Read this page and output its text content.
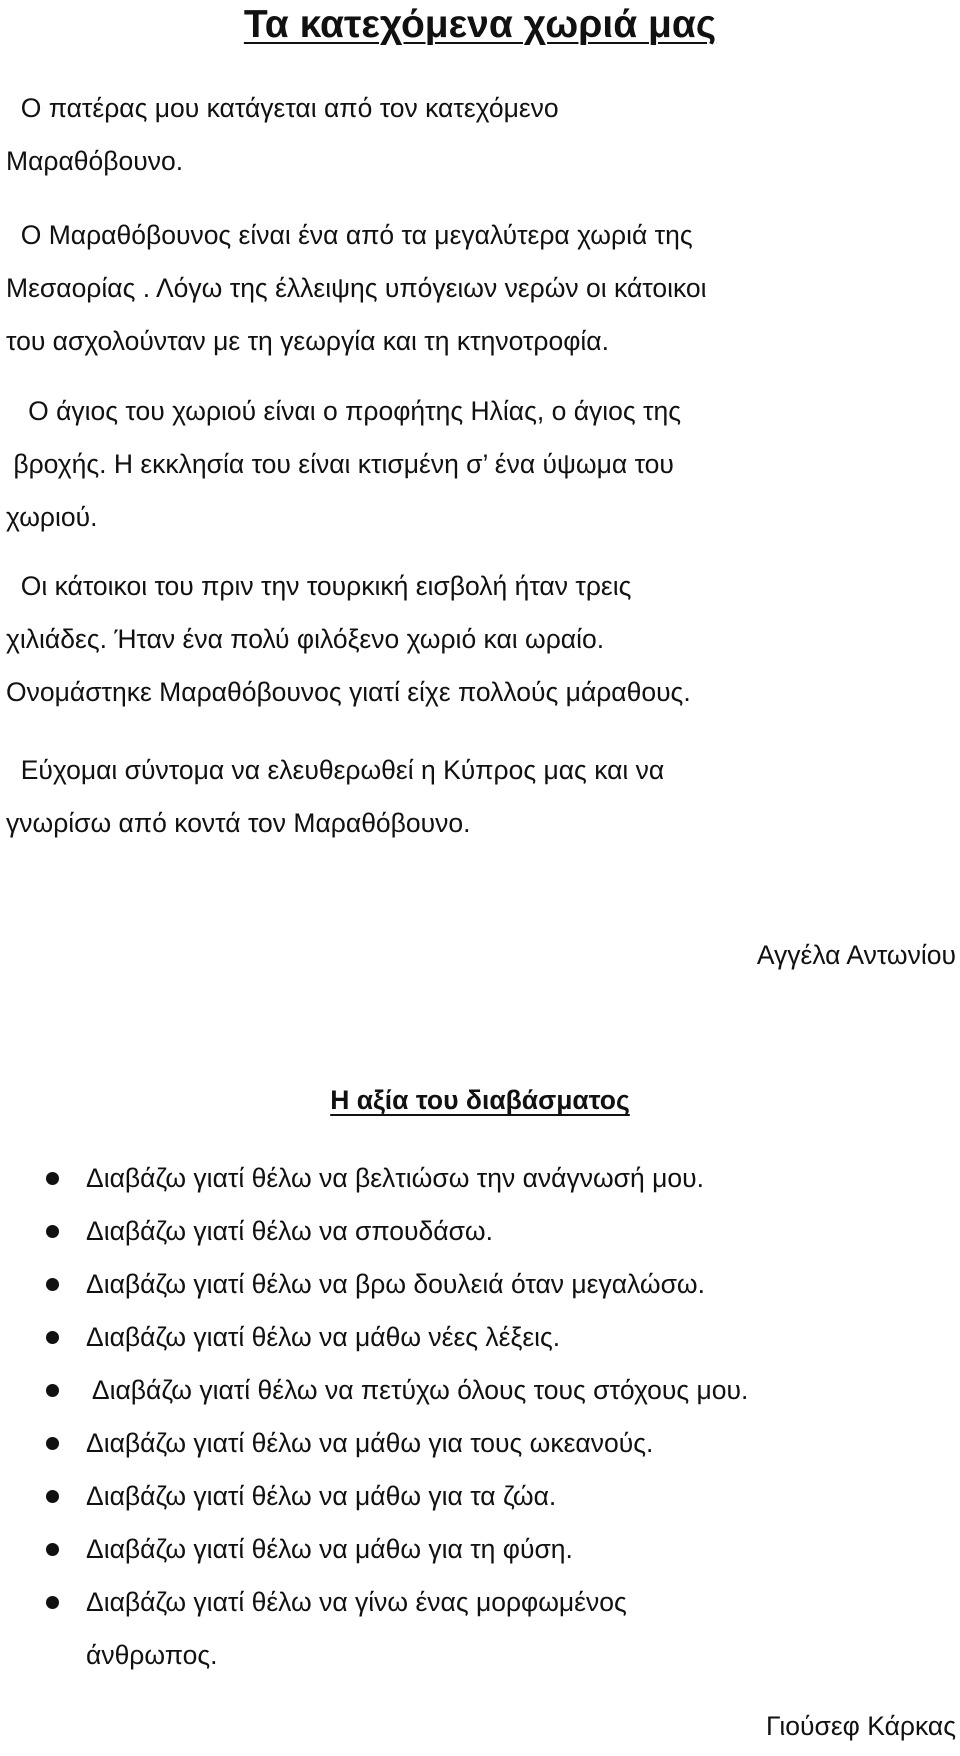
Τα κατεχόμενα χωριά μας

Ο πατέρας μου κατάγεται από τον κατεχόμενο
Μαραθόβουνο.

Ο Μαραθόβουνος είναι ένα από τα μεγαλύτερα χωριά της
Μεσαορίας . Λόγω της έλλειψης υπόγειων νερών οι κάτοικοι
του ασχολούνταν με τη γεωργία και τη κτηνοτροφία.

Ο άγιος του χωριού είναι ο προφήτης Ηλίας, ο άγιος της
βροχής. Η εκκλησία του είναι κτισμένη σ’ ένα ύψωμα του
χωριού.

Οι κάτοικοι του πριν την τουρκική εισβολή ήταν τρεις
χιλιάδες. Ήταν ένα πολύ φιλόξενο χωριό και ωραίο.
Ονομάστηκε Μαραθόβουνος γιατί είχε πολλούς μάραθους.

Εύχομαι σύντομα να ελευθερωθεί η Κύπρος μας και να
γνωρίσω από κοντά τον Μαραθόβουνο.

Αγγέλα Αντωνίου
Η αξία του διαβάσματος
Διαβάζω γιατί θέλω να βελτιώσω την ανάγνωσή μου.
Διαβάζω γιατί θέλω να σπουδάσω.
Διαβάζω γιατί θέλω να βρω δουλειά όταν μεγαλώσω.
Διαβάζω γιατί θέλω να μάθω νέες λέξεις.
Διαβάζω γιατί θέλω να πετύχω όλους τους στόχους μου.
Διαβάζω γιατί θέλω να μάθω για τους ωκεανούς.
Διαβάζω γιατί θέλω να μάθω για τα ζώα.
Διαβάζω γιατί θέλω να μάθω για τη φύση.
Διαβάζω γιατί θέλω να γίνω ένας μορφωμένος
άνθρωπος.
Γιούσεφ Κάρκας
